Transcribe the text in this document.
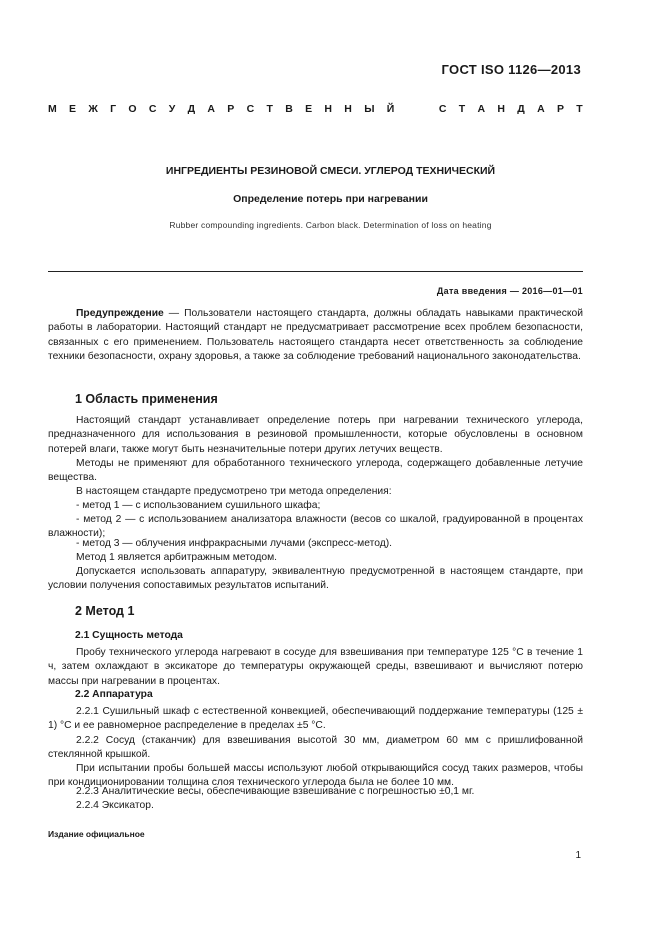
ГОСТ ISO 1126—2013
М Е Ж Г О С У Д А Р С Т В Е Н Н Ы Й	С Т А Н Д А Р Т
ИНГРЕДИЕНТЫ РЕЗИНОВОЙ СМЕСИ. УГЛЕРОД ТЕХНИЧЕСКИЙ
Определение потерь при нагревании
Rubber compounding ingredients. Carbon black. Determination of loss on heating
Дата введения — 2016—01—01
Предупреждение — Пользователи настоящего стандарта, должны обладать навыками практической работы в лаборатории. Настоящий стандарт не предусматривает рассмотрение всех проблем безопасности, связанных с его применением. Пользователь настоящего стандарта несет ответственность за соблюдение техники безопасности, охрану здоровья, а также за соблюдение требований национального законодательства.
1 Область применения
Настоящий стандарт устанавливает определение потерь при нагревании технического углерода, предназначенного для использования в резиновой промышленности, которые обусловлены в основном потерей влаги, также могут быть незначительные потери других летучих веществ.
Методы не применяют для обработанного технического углерода, содержащего добавленные летучие вещества.
В настоящем стандарте предусмотрено три метода определения:
- метод 1 — с использованием сушильного шкафа;
- метод 2 — с использованием анализатора влажности (весов со шкалой, градуированной в процентах влажности);
- метод 3 — облучения инфракрасными лучами (экспресс-метод).
Метод 1 является арбитражным методом.
Допускается использовать аппаратуру, эквивалентную предусмотренной в настоящем стандарте, при условии получения сопоставимых результатов испытаний.
2 Метод 1
2.1 Сущность метода
Пробу технического углерода нагревают в сосуде для взвешивания при температуре 125 °С в течение 1 ч, затем охлаждают в эксикаторе до температуры окружающей среды, взвешивают и вычисляют потерю массы при нагревании в процентах.
2.2 Аппаратура
2.2.1 Сушильный шкаф с естественной конвекцией, обеспечивающий поддержание температуры (125 ± 1) °С и ее равномерное распределение в пределах ±5 °С.
2.2.2 Сосуд (стаканчик) для взвешивания высотой 30 мм, диаметром 60 мм с пришлифованной стеклянной крышкой.
При испытании пробы большей массы используют любой открывающийся сосуд таких размеров, чтобы при кондиционировании толщина слоя технического углерода была не более 10 мм.
2.2.3 Аналитические весы, обеспечивающие взвешивание с погрешностью ±0,1 мг.
2.2.4 Эксикатор.
Издание официальное
1
